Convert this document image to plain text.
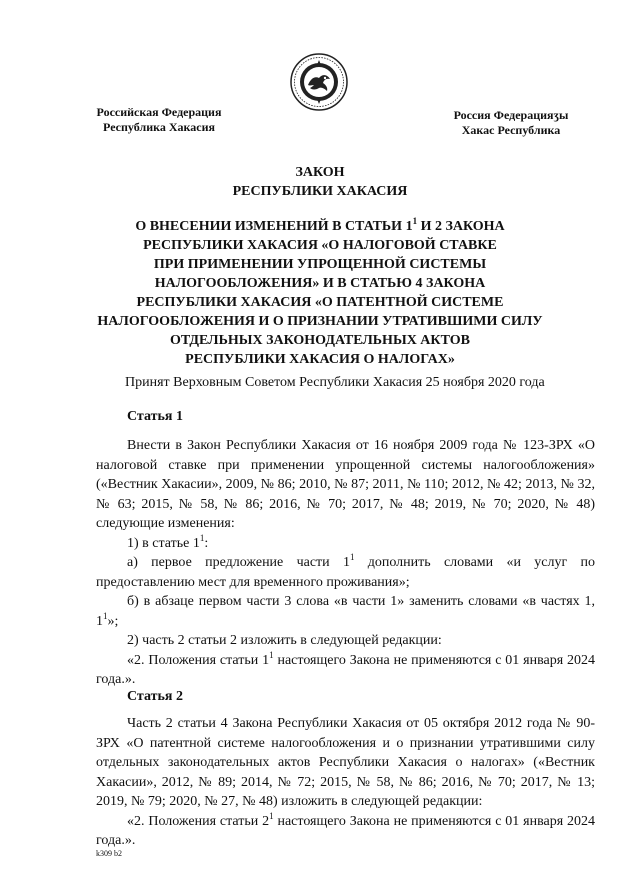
Российская Федерация
Республика Хакасия
Россия Федерацияӡы
Хакас Республика
ЗАКОН
РЕСПУБЛИКИ ХАКАСИЯ
О ВНЕСЕНИИ ИЗМЕНЕНИЙ В СТАТЬИ $1^1$ И 2 ЗАКОНА
РЕСПУБЛИКИ ХАКАСИЯ «О НАЛОГОВОЙ СТАВКЕ
ПРИ ПРИМЕНЕНИИ УПРОЩЕННОЙ СИСТЕМЫ
НАЛОГООБЛОЖЕНИЯ» И В СТАТЬЮ 4 ЗАКОНА
РЕСПУБЛИКИ ХАКАСИЯ «О ПАТЕНТНОЙ СИСТЕМЕ
НАЛОГООБЛОЖЕНИЯ И О ПРИЗНАНИИ УТРАТИВШИМИ СИЛУ
ОТДЕЛЬНЫХ ЗАКОНОДАТЕЛЬНЫХ АКТОВ
РЕСПУБЛИКИ ХАКАСИЯ О НАЛОГАХ»
Принят Верховным Советом Республики Хакасия 25 ноября 2020 года
Статья 1

Внести в Закон Республики Хакасия от 16 ноября 2009 года № 123-ЗРХ «О налоговой ставке при применении упрощенной системы налогообложения» («Вестник Хакасии», 2009, № 86; 2010, № 87; 2011, № 110; 2012, № 42; 2013, № 32, № 63; 2015, № 58, № 86; 2016, № 70; 2017, № 48; 2019, № 70; 2020, № 48) следующие изменения:

1) в статье $1^1$:

а) первое предложение части $1^1$ дополнить словами «и услуг по предоставлению мест для временного проживания»;

б) в абзаце первом части 3 слова «в части 1» заменить словами «в частях 1, $1^1$»;

2) часть 2 статьи 2 изложить в следующей редакции:

«2. Положения статьи $1^1$ настоящего Закона не применяются с 01 января 2024 года.».

Статья 2

Часть 2 статьи 4 Закона Республики Хакасия от 05 октября 2012 года № 90-ЗРХ «О патентной системе налогообложения и о признании утратившими силу отдельных законодательных актов Республики Хакасия о налогах» («Вестник Хакасии», 2012, № 89; 2014, № 72; 2015, № 58, № 86; 2016, № 70; 2017, № 13; 2019, № 79; 2020, № 27, № 48) изложить в следующей редакции:

«2. Положения статьи $2^1$ настоящего Закона не применяются с 01 января 2024 года.».

k309 b2
